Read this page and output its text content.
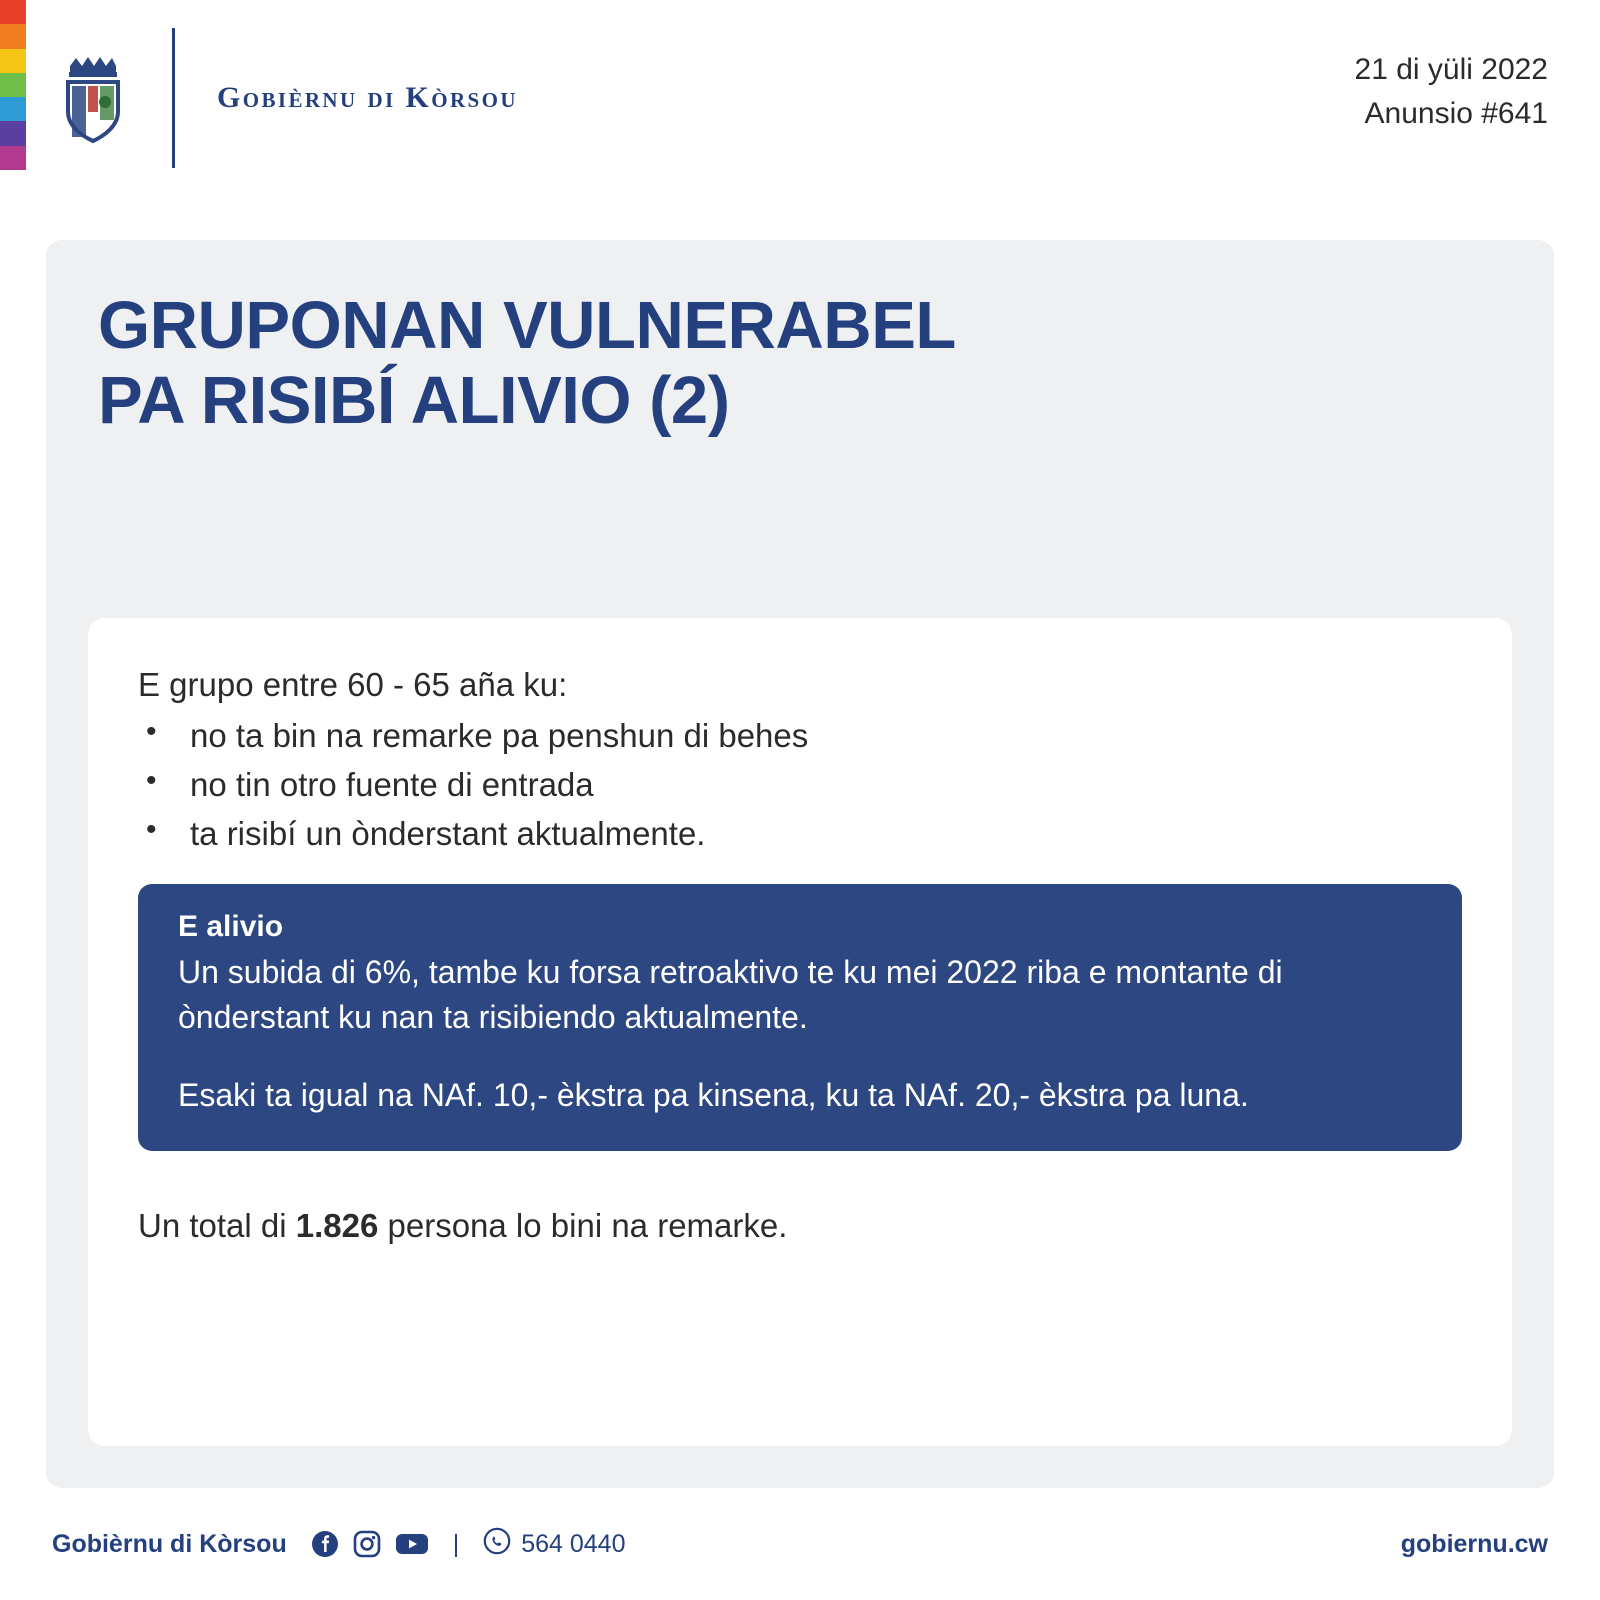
Gobièrnu di Kòrsou
21 di yüli 2022
Anunsio #641
GRUPONAN VULNERABEL
PA RISIBÍ ALIVIO (2)
E grupo entre 60 - 65 aña ku:
• no ta bin na remarke pa penshun di behes
• no tin otro fuente di entrada
• ta risibí un ònderstant aktualmente.
E alivio

Un subida di 6%, tambe ku forsa retroaktivo te ku mei 2022 riba e montante di ònderstant ku nan ta risibiendo aktualmente.

Esaki ta igual na NAf. 10,- èkstra pa kinsena, ku ta NAf. 20,- èkstra pa luna.

Un total di 1.826 persona lo bini na remarke.
Gobièrnu di Kòrsou	| 564 0440	gobiernu.cw
